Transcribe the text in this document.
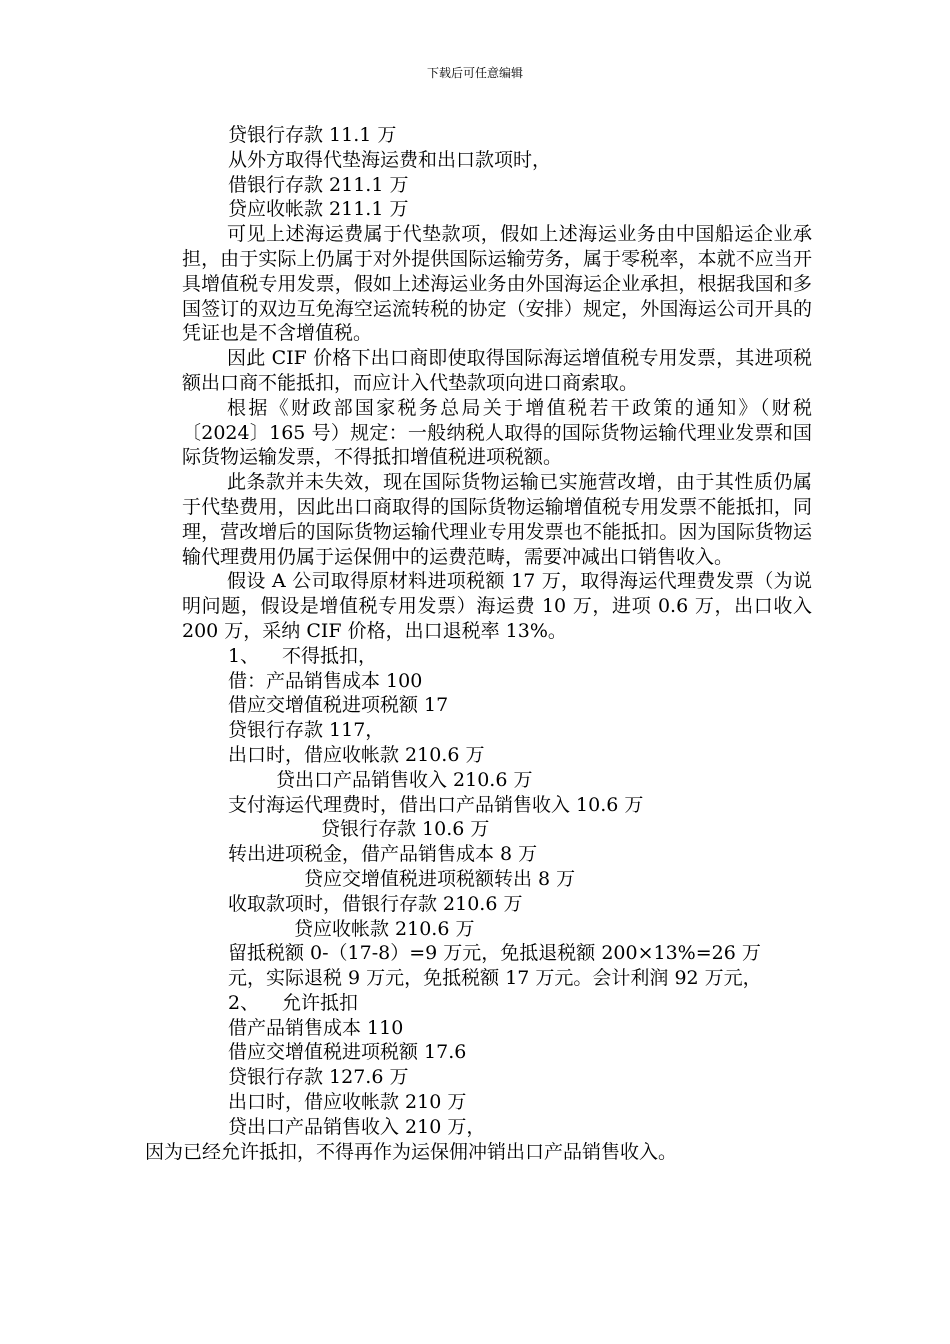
下载后可任意编辑
贷银行存款 11.1 万
从外方取得代垫海运费和出口款项时，
借银行存款 211.1 万
贷应收帐款 211.1 万
可见上述海运费属于代垫款项，假如上述海运业务由中国船运企业承担，由于实际上仍属于对外提供国际运输劳务，属于零税率，本就不应当开具增值税专用发票，假如上述海运业务由外国海运企业承担，根据我国和多国签订的双边互免海空运流转税的协定（安排）规定，外国海运公司开具的凭证也是不含增值税。
因此 CIF 价格下出口商即使取得国际海运增值税专用发票，其进项税额出口商不能抵扣，而应计入代垫款项向进口商索取。
根据《财政部国家税务总局关于增值税若干政策的通知》（财税〔2024〕165 号）规定：一般纳税人取得的国际货物运输代理业发票和国际货物运输发票，不得抵扣增值税进项税额。
此条款并未失效，现在国际货物运输已实施营改增，由于其性质仍属于代垫费用，因此出口商取得的国际货物运输增值税专用发票不能抵扣，同理，营改增后的国际货物运输代理业专用发票也不能抵扣。因为国际货物运输代理费用仍属于运保佣中的运费范畴，需要冲减出口销售收入。
假设 A 公司取得原材料进项税额 17 万，取得海运代理费发票（为说明问题，假设是增值税专用发票）海运费 10 万，进项 0.6 万，出口收入 200 万，采纳 CIF 价格，出口退税率 13%。
1、 不得抵扣，
借：产品销售成本 100
借应交增值税进项税额 17
贷银行存款 117，
出口时，借应收帐款 210.6 万
贷出口产品销售收入 210.6 万
支付海运代理费时，借出口产品销售收入 10.6 万
贷银行存款 10.6 万
转出进项税金，借产品销售成本 8 万
贷应交增值税进项税额转出 8 万
收取款项时，借银行存款 210.6 万
贷应收帐款 210.6 万
留抵税额 0-（17-8）=9 万元，免抵退税额 200×13%=26 万
元，实际退税 9 万元，免抵税额 17 万元。会计利润 92 万元，
2、 允许抵扣
借产品销售成本 110
借应交增值税进项税额 17.6
贷银行存款 127.6 万
出口时，借应收帐款 210 万
贷出口产品销售收入 210 万，
因为已经允许抵扣，不得再作为运保佣冲销出口产品销售收入。
